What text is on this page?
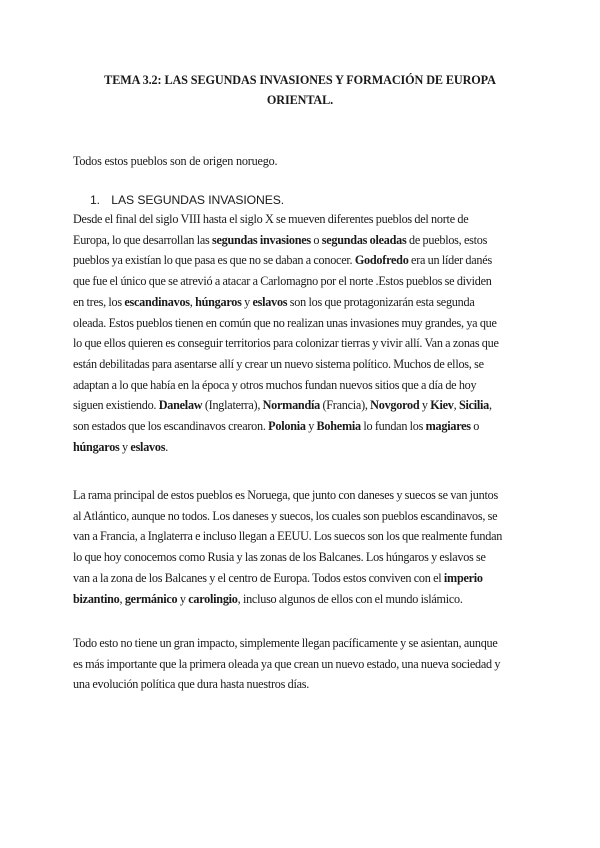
TEMA 3.2: LAS SEGUNDAS INVASIONES Y FORMACIÓN DE EUROPA
ORIENTAL.
Todos estos pueblos son de origen noruego.
1. LAS SEGUNDAS INVASIONES.
Desde el final del siglo VIII hasta el siglo X se mueven diferentes pueblos del norte de
Europa, lo que desarrollan las segundas invasiones o segundas oleadas de pueblos, estos
pueblos ya existían lo que pasa es que no se daban a conocer. Godofredo era un líder danés
que fue el único que se atrevió a atacar a Carlomagno por el norte .Estos pueblos se dividen
en tres, los escandinavos, húngaros y eslavos son los que protagonizarán esta segunda
oleada. Estos pueblos tienen en común que no realizan unas invasiones muy grandes, ya que
lo que ellos quieren es conseguir territorios para colonizar tierras y vivir allí. Van a zonas que
están debilitadas para asentarse allí y crear un nuevo sistema político. Muchos de ellos, se
adaptan a lo que había en la época y otros muchos fundan nuevos sitios que a día de hoy
siguen existiendo. Danelaw (Inglaterra), Normandía (Francia), Novgorod y Kiev, Sicilia,
son estados que los escandinavos crearon. Polonia y Bohemia lo fundan los magiares o
húngaros y eslavos.
La rama principal de estos pueblos es Noruega, que junto con daneses y suecos se van juntos
al Atlántico, aunque no todos. Los daneses y suecos, los cuales son pueblos escandinavos, se
van a Francia, a Inglaterra e incluso llegan a EEUU. Los suecos son los que realmente fundan
lo que hoy conocemos como Rusia y las zonas de los Balcanes. Los húngaros y eslavos se
van a la zona de los Balcanes y el centro de Europa. Todos estos conviven con el imperio
bizantino, germánico y carolingio, incluso algunos de ellos con el mundo islámico.
Todo esto no tiene un gran impacto, simplemente llegan pacíficamente y se asientan, aunque
es más importante que la primera oleada ya que crean un nuevo estado, una nueva sociedad y
una evolución política que dura hasta nuestros días.
